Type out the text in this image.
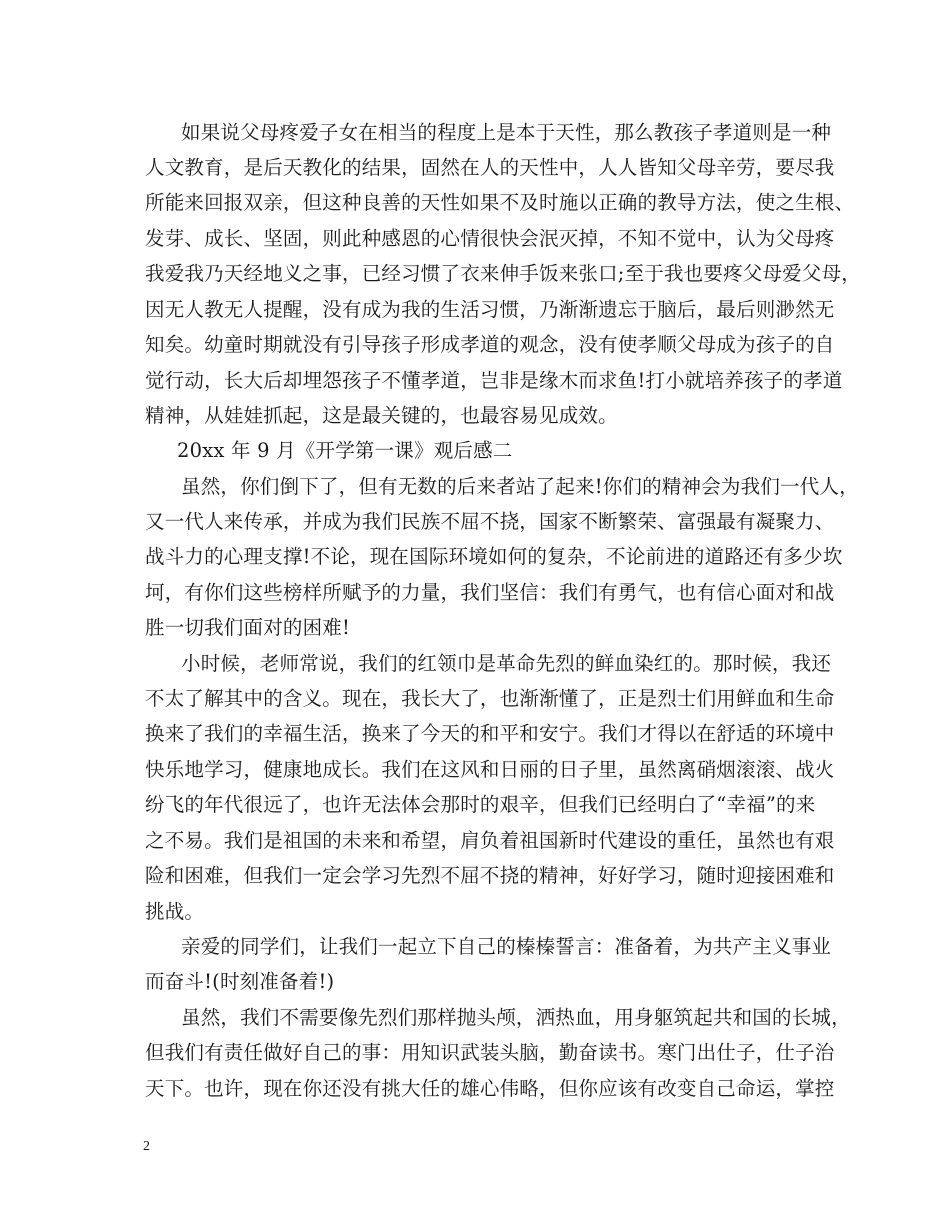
如果说父母疼爱子女在相当的程度上是本于天性，那么教孩子孝道则是一种
人文教育，是后天教化的结果，固然在人的天性中，人人皆知父母辛劳，要尽我
所能来回报双亲，但这种良善的天性如果不及时施以正确的教导方法，使之生根、
发芽、成长、坚固，则此种感恩的心情很快会泯灭掉，不知不觉中，认为父母疼
我爱我乃天经地义之事，已经习惯了衣来伸手饭来张口;至于我也要疼父母爱父母，
因无人教无人提醒，没有成为我的生活习惯，乃渐渐遗忘于脑后，最后则渺然无
知矣。幼童时期就没有引导孩子形成孝道的观念，没有使孝顺父母成为孩子的自
觉行动，长大后却埋怨孩子不懂孝道，岂非是缘木而求鱼!打小就培养孩子的孝道
精神，从娃娃抓起，这是最关键的，也最容易见成效。
20xx 年 9 月《开学第一课》观后感二
虽然，你们倒下了，但有无数的后来者站了起来!你们的精神会为我们一代人，
又一代人来传承，并成为我们民族不屈不挠，国家不断繁荣、富强最有凝聚力、
战斗力的心理支撑!不论，现在国际环境如何的复杂，不论前进的道路还有多少坎
坷，有你们这些榜样所赋予的力量，我们坚信：我们有勇气，也有信心面对和战
胜一切我们面对的困难!
小时候，老师常说，我们的红领巾是革命先烈的鲜血染红的。那时候，我还
不太了解其中的含义。现在，我长大了，也渐渐懂了，正是烈士们用鲜血和生命
换来了我们的幸福生活，换来了今天的和平和安宁。我们才得以在舒适的环境中
快乐地学习，健康地成长。我们在这风和日丽的日子里，虽然离硝烟滚滚、战火
纷飞的年代很远了，也许无法体会那时的艰辛，但我们已经明白了“幸福”的来
之不易。我们是祖国的未来和希望，肩负着祖国新时代建设的重任，虽然也有艰
险和困难，但我们一定会学习先烈不屈不挠的精神，好好学习，随时迎接困难和
挑战。
亲爱的同学们，让我们一起立下自己的榛榛誓言：准备着，为共产主义事业
而奋斗!(时刻准备着!)
虽然，我们不需要像先烈们那样抛头颅，洒热血，用身躯筑起共和国的长城，
但我们有责任做好自己的事：用知识武装头脑，勤奋读书。寒门出仕子，仕子治
天下。也许，现在你还没有挑大任的雄心伟略，但你应该有改变自己命运，掌控
2
